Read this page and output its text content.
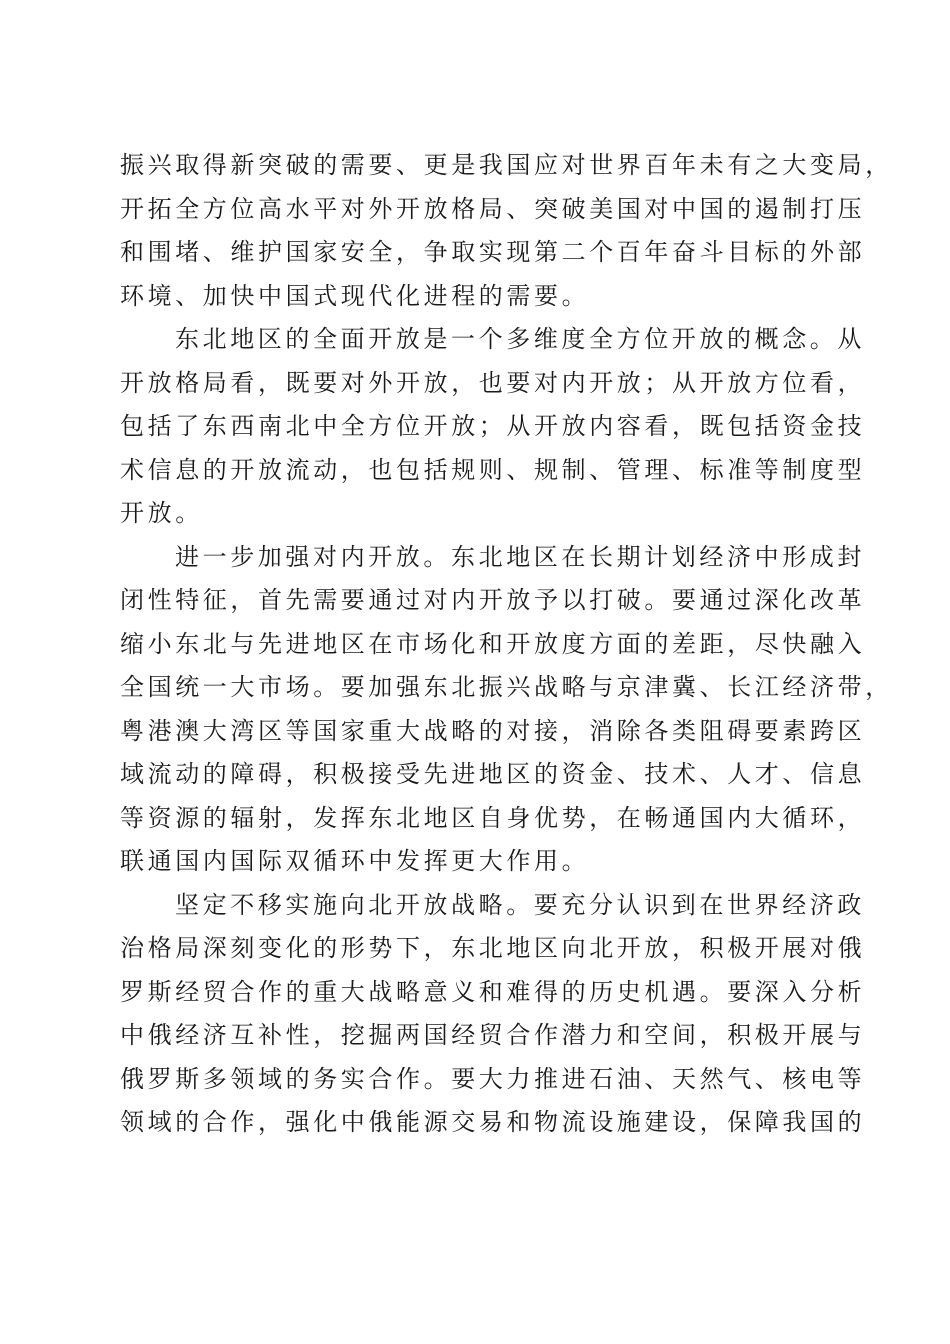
振兴取得新突破的需要、更是我国应对世界百年未有之大变局，
开拓全方位高水平对外开放格局、突破美国对中国的遏制打压
和围堵、维护国家安全，争取实现第二个百年奋斗目标的外部
环境、加快中国式现代化进程的需要。

东北地区的全面开放是一个多维度全方位开放的概念。从
开放格局看，既要对外开放，也要对内开放；从开放方位看，
包括了东西南北中全方位开放；从开放内容看，既包括资金技
术信息的开放流动，也包括规则、规制、管理、标准等制度型
开放。

进一步加强对内开放。东北地区在长期计划经济中形成封
闭性特征，首先需要通过对内开放予以打破。要通过深化改革
缩小东北与先进地区在市场化和开放度方面的差距，尽快融入
全国统一大市场。要加强东北振兴战略与京津冀、长江经济带，
粤港澳大湾区等国家重大战略的对接，消除各类阻碍要素跨区
域流动的障碍，积极接受先进地区的资金、技术、人才、信息
等资源的辐射，发挥东北地区自身优势，在畅通国内大循环，
联通国内国际双循环中发挥更大作用。

坚定不移实施向北开放战略。要充分认识到在世界经济政
治格局深刻变化的形势下，东北地区向北开放，积极开展对俄
罗斯经贸合作的重大战略意义和难得的历史机遇。要深入分析
中俄经济互补性，挖掘两国经贸合作潜力和空间，积极开展与
俄罗斯多领域的务实合作。要大力推进石油、天然气、核电等
领域的合作，强化中俄能源交易和物流设施建设，保障我国的
